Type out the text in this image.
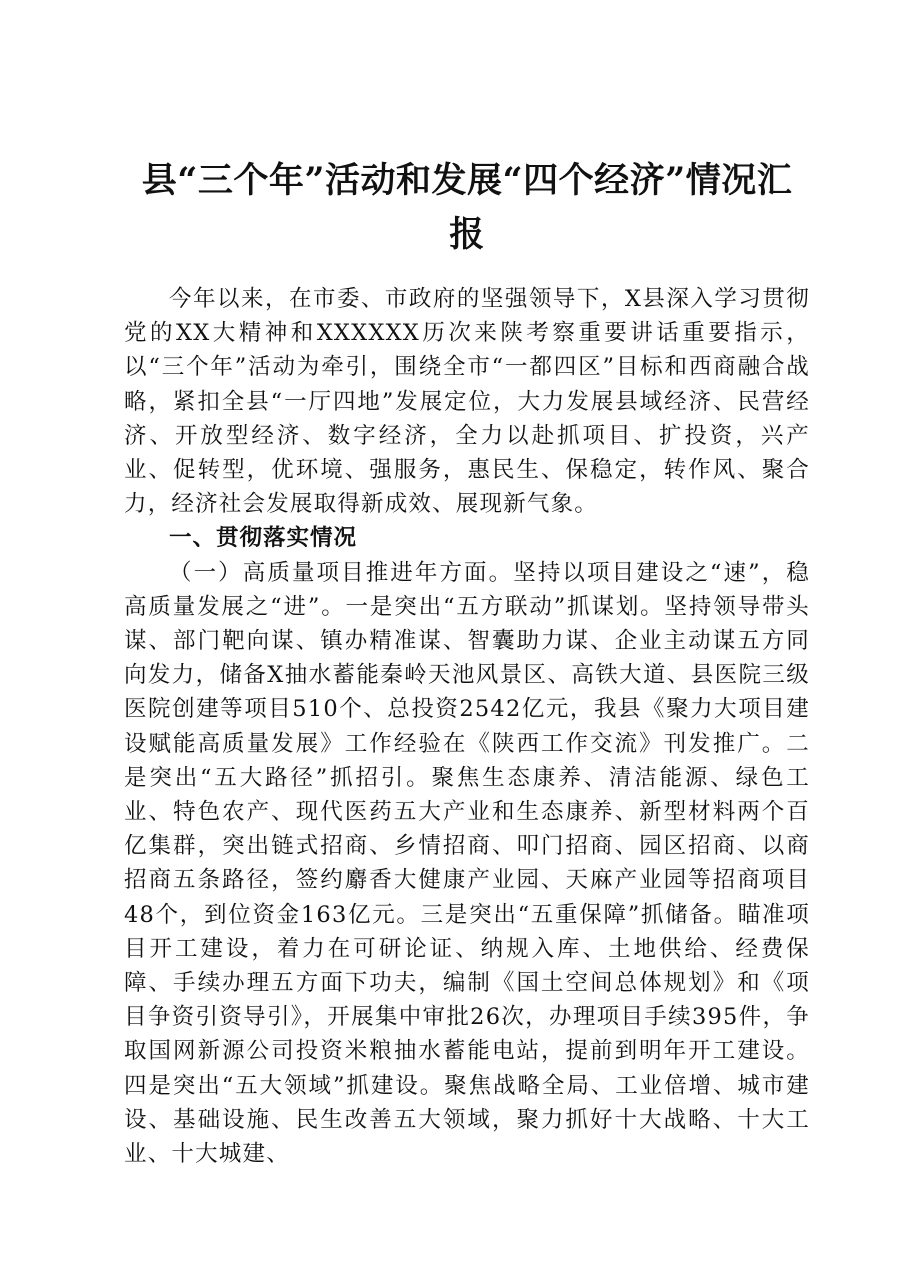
县“三个年”活动和发展“四个经济”情况汇报

今年以来，在市委、市政府的坚强领导下，X县深入学习贯彻党的XX大精神和XXXXXX历次来陕考察重要讲话重要指示，以“三个年”活动为牵引，围绕全市“一都四区”目标和西商融合战略，紧扣全县“一厅四地”发展定位，大力发展县域经济、民营经济、开放型经济、数字经济，全力以赴抓项目、扩投资，兴产业、促转型，优环境、强服务，惠民生、保稳定，转作风、聚合力，经济社会发展取得新成效、展现新气象。

一、贯彻落实情况

（一）高质量项目推进年方面。坚持以项目建设之“速”，稳高质量发展之“进”。一是突出“五方联动”抓谋划。坚持领导带头谋、部门靶向谋、镇办精准谋、智囊助力谋、企业主动谋五方同向发力，储备X抽水蓄能秦岭天池风景区、高铁大道、县医院三级医院创建等项目510个、总投资2542亿元，我县《聚力大项目建设赋能高质量发展》工作经验在《陕西工作交流》刊发推广。二是突出“五大路径”抓招引。聚焦生态康养、清洁能源、绿色工业、特色农产、现代医药五大产业和生态康养、新型材料两个百亿集群，突出链式招商、乡情招商、叩门招商、园区招商、以商招商五条路径，签约麝香大健康产业园、天麻产业园等招商项目48个，到位资金163亿元。三是突出“五重保障”抓储备。瞄准项目开工建设，着力在可研论证、纳规入库、土地供给、经费保障、手续办理五方面下功夫，编制《国土空间总体规划》和《项目争资引资导引》，开展集中审批26次，办理项目手续395件，争取国网新源公司投资米粮抽水蓄能电站，提前到明年开工建设。四是突出“五大领域”抓建设。聚焦战略全局、工业倍增、城市建设、基础设施、民生改善五大领域，聚力抓好十大战略、十大工业、十大城建、
